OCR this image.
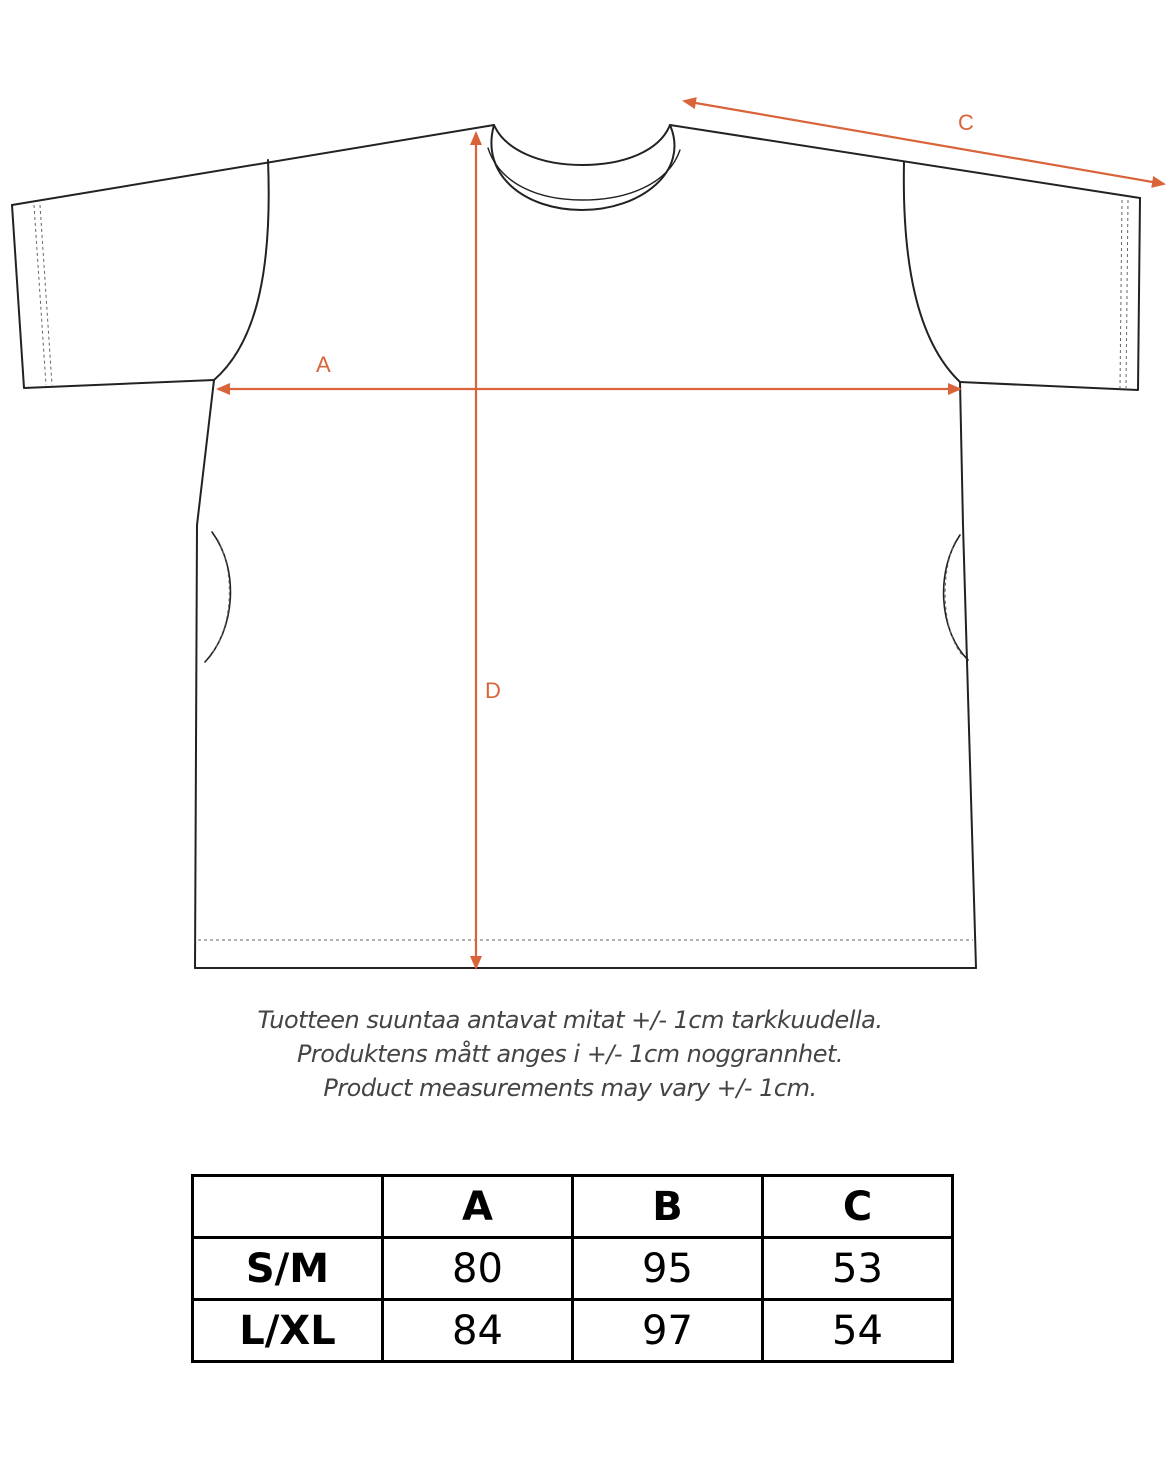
A
C
D
Tuotteen suuntaa antavat mitat +/- 1cm tarkkuudella.
Produktens mått anges i +/- 1cm noggrannhet.
Product measurements may vary +/- 1cm.
	A	B	C
S/M	80	95	53
L/XL	84	97	54
